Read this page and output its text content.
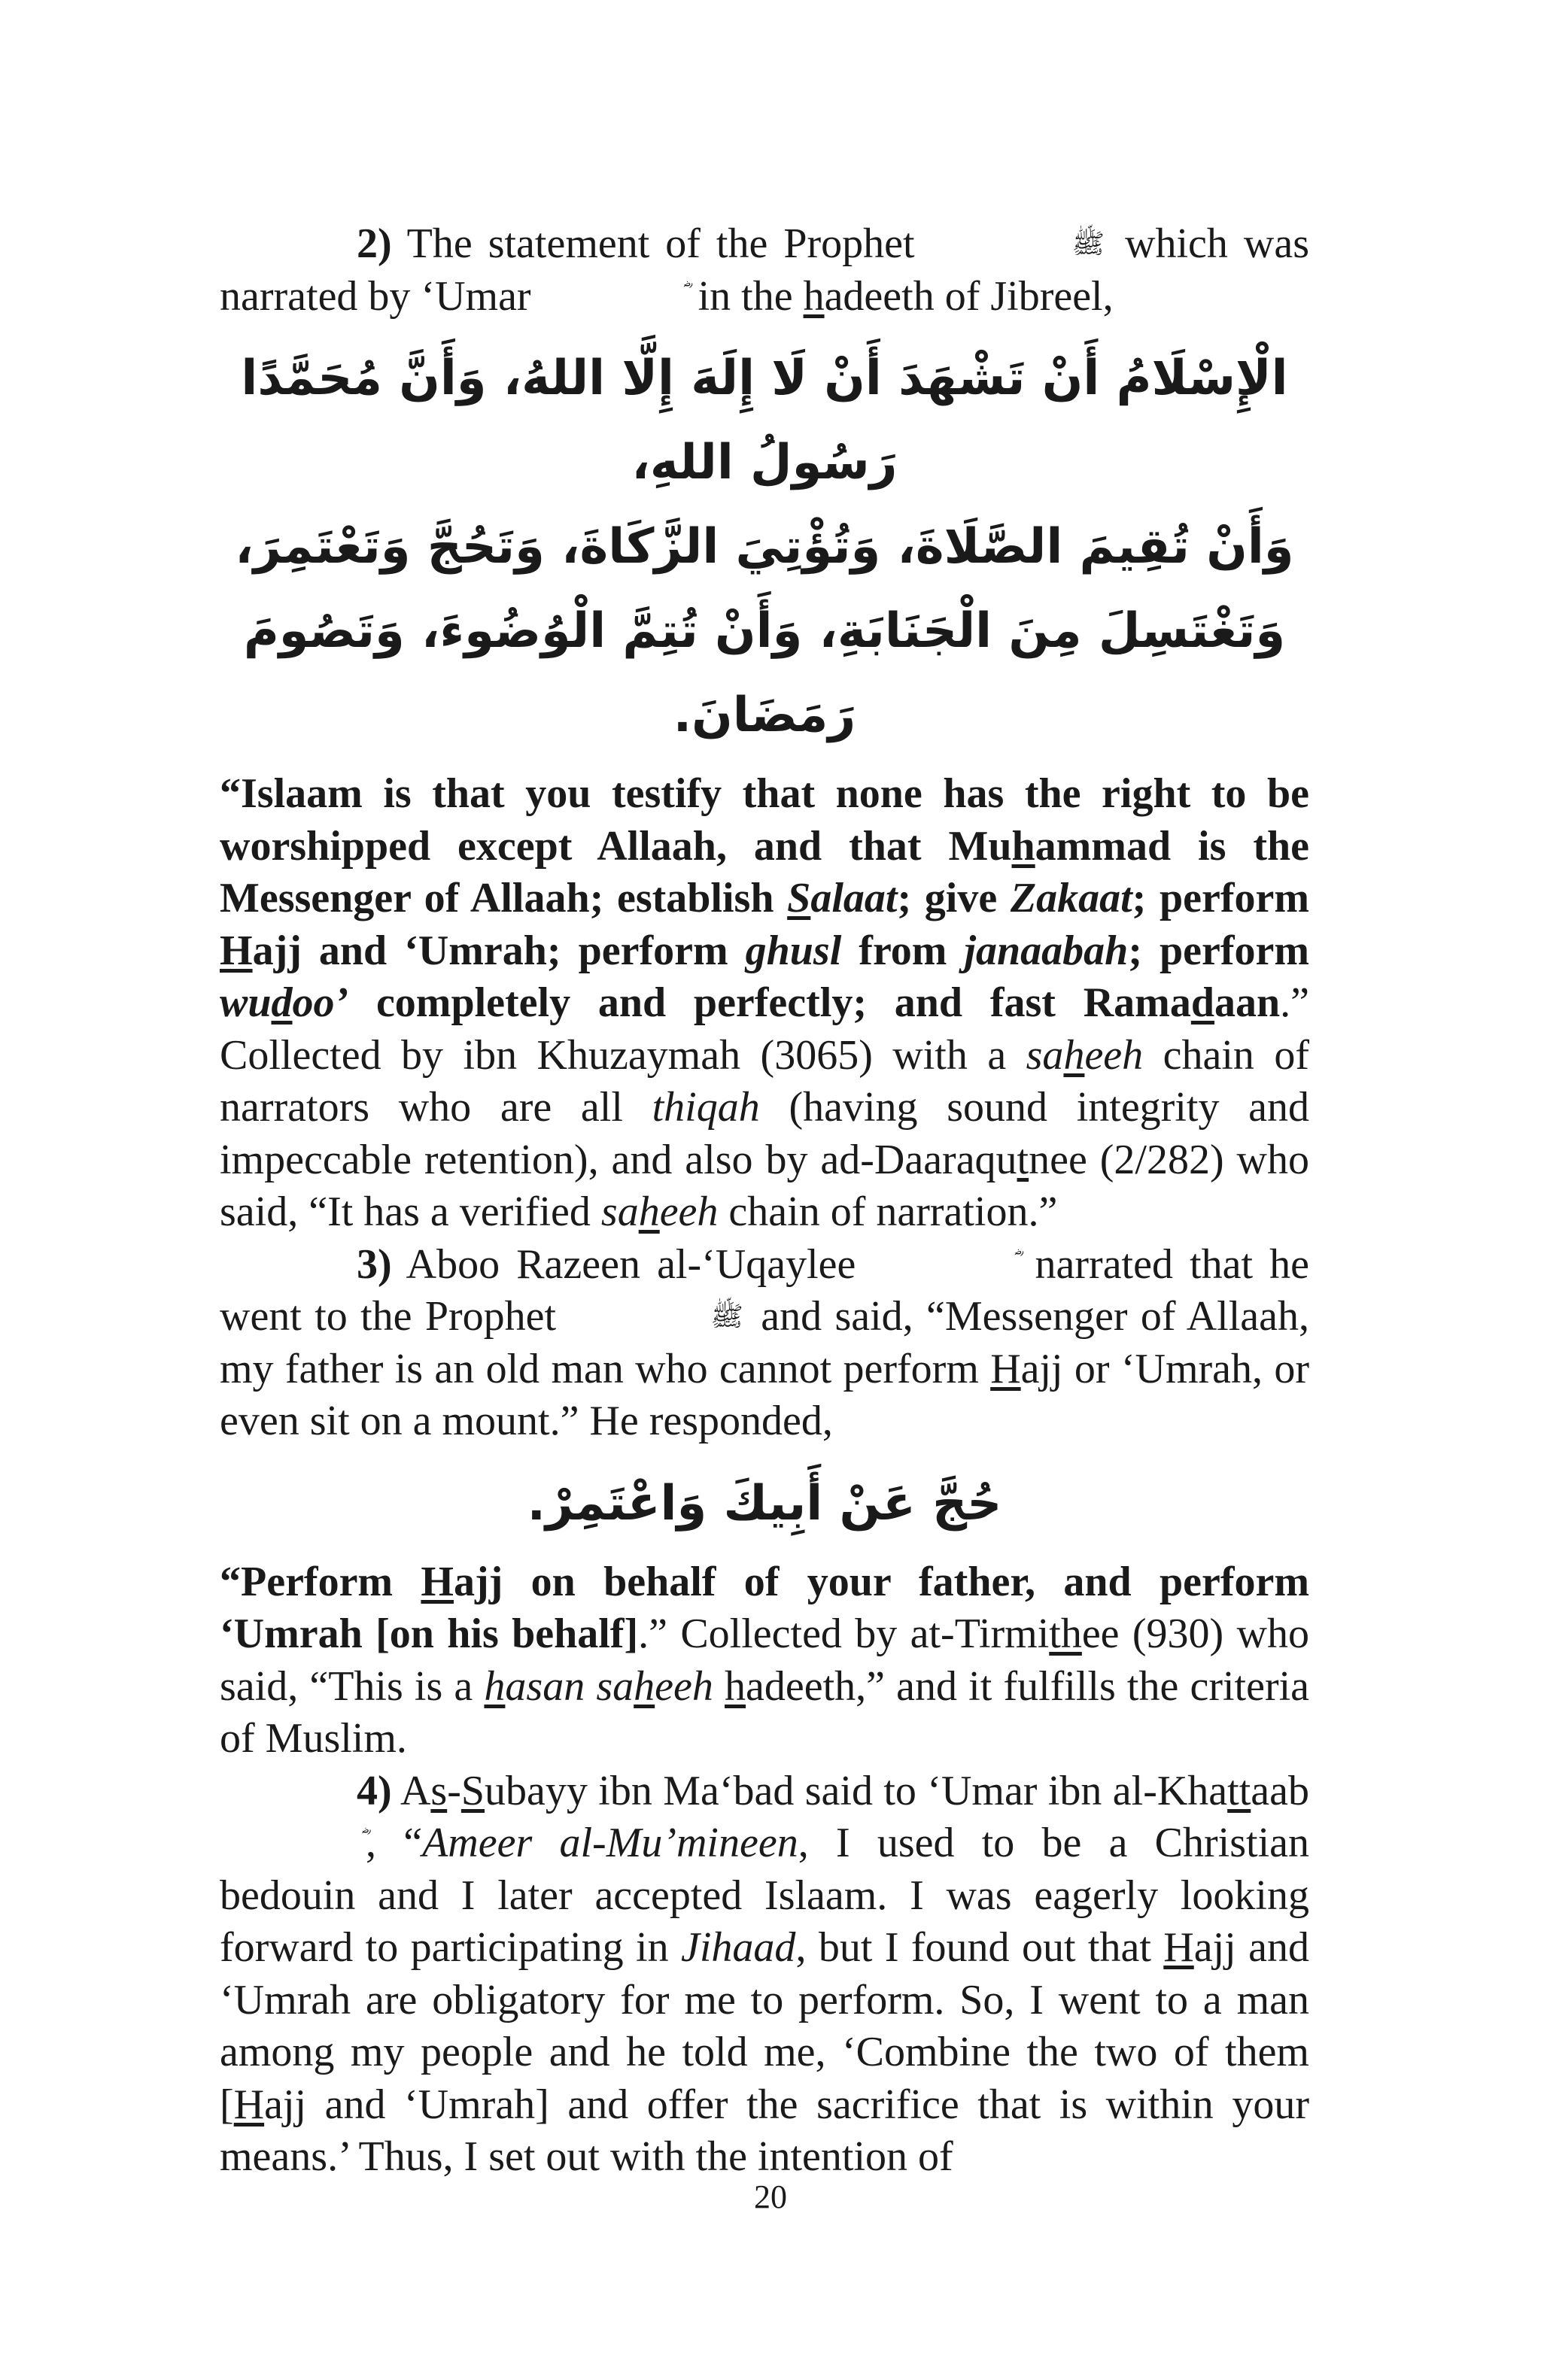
2) The statement of the Prophet	ﷺ which was narrated by ‘Umar	in the hadeeth of Jibreel,

الْإِسْلَامُ أَنْ تَشْهَدَ أَنْ لَا إِلَهَ إِلَّا اللهُ، وَأَنَّ مُحَمَّدًا رَسُولُ اللهِ،

وَأَنْ تُقِيمَ الصَّلَاةَ، وَتُؤْتِيَ الزَّكَاةَ، وَتَحُجَّ وَتَعْتَمِرَ،

وَتَغْتَسِلَ مِنَ الْجَنَابَةِ، وَأَنْ تُتِمَّ الْوُضُوءَ، وَتَصُومَ رَمَضَانَ.

“Islaam is that you testify that none has the right to be worshipped except Allaah, and that Muhammad is the Messenger of Allaah; establish Salaat; give Zakaat; perform Hajj and ‘Umrah; perform ghusl from janaabah; perform wudoo’ completely and perfectly; and fast Ramadaan.” Collected by ibn Khuzaymah (3065) with a saheeh chain of narrators who are all thiqah (having sound integrity and impeccable retention), and also by ad-Daaraqutnee (2/282) who said, “It has a verified saheeh chain of narration.”

3) Aboo Razeen al-‘Uqaylee	narrated that he went to the Prophet	ﷺ and said, “Messenger of Allaah, my father is an old man who cannot perform Hajj or ‘Umrah, or even sit on a mount.” He responded,

حُجَّ عَنْ أَبِيكَ وَاعْتَمِرْ.

“Perform Hajj on behalf of your father, and perform ‘Umrah [on his behalf].” Collected by at-Tirmithee (930) who said, “This is a hasan saheeh hadeeth,” and it fulfills the criteria of Muslim.

4) As-Subayy ibn Ma‘bad said to ‘Umar ibn al-Khattaab , “Ameer al-Mu’mineen, I used to be a Christian bedouin and I later accepted Islaam. I was eagerly looking forward to participating in Jihaad, but I found out that Hajj and ‘Umrah are obligatory for me to perform. So, I went to a man among my people and he told me, ‘Combine the two of them [Hajj and ‘Umrah] and offer the sacrifice that is within your means.’ Thus, I set out with the intention of

20
